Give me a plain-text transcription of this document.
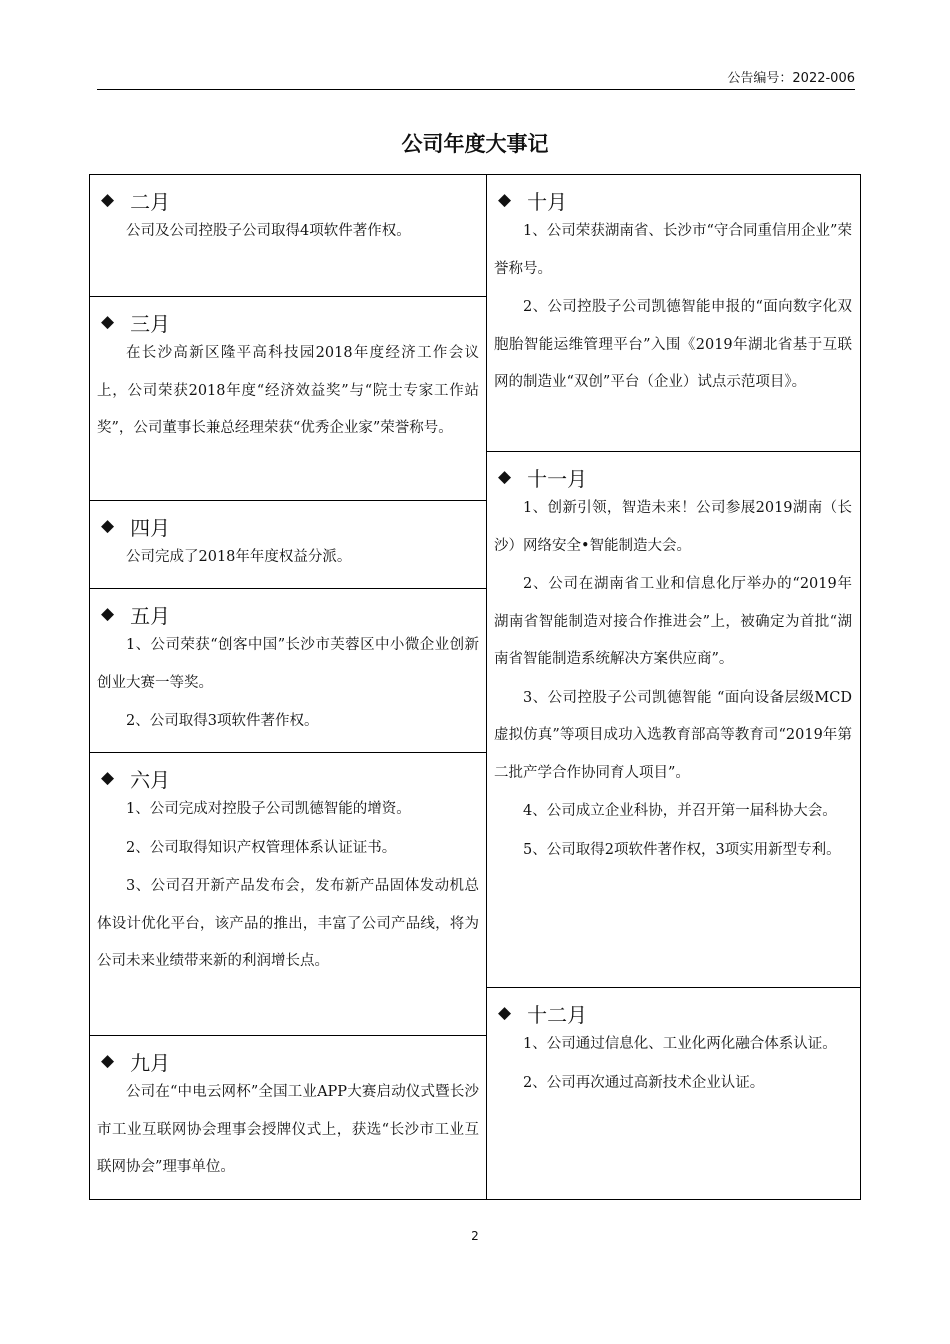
公告编号：2022-006
公司年度大事记
◆ 二月
公司及公司控股子公司取得4项软件著作权。
◆ 三月
在长沙高新区隆平高科技园2018年度经济工作会议上，公司荣获2018年度“经济效益奖”与“院士专家工作站奖”，公司董事长兼总经理荣获“优秀企业家”荣誉称号。
◆ 四月
公司完成了2018年年度权益分派。
◆ 五月
1、公司荣获“创客中国”长沙市芙蓉区中小微企业创新创业大赛一等奖。
2、公司取得3项软件著作权。
◆ 六月
1、公司完成对控股子公司凯德智能的增资。
2、公司取得知识产权管理体系认证证书。
3、公司召开新产品发布会，发布新产品固体发动机总体设计优化平台，该产品的推出，丰富了公司产品线，将为公司未来业绩带来新的利润增长点。
◆ 九月
公司在“中电云网杯”全国工业APP大赛启动仪式暨长沙市工业互联网协会理事会授牌仪式上，获选“长沙市工业互联网协会”理事单位。
◆ 十月
1、公司荣获湖南省、长沙市“守合同重信用企业”荣誉称号。
2、公司控股子公司凯德智能申报的“面向数字化双胞胎智能运维管理平台”入围《2019年湖北省基于互联网的制造业“双创”平台（企业）试点示范项目》。
◆ 十一月
1、创新引领，智造未来！公司参展2019湖南（长沙）网络安全•智能制造大会。
2、公司在湖南省工业和信息化厅举办的“2019年湖南省智能制造对接合作推进会”上，被确定为首批“湖南省智能制造系统解决方案供应商”。
3、公司控股子公司凯德智能 “面向设备层级MCD虚拟仿真”等项目成功入选教育部高等教育司“2019年第二批产学合作协同育人项目”。
4、公司成立企业科协，并召开第一届科协大会。
5、公司取得2项软件著作权，3项实用新型专利。
◆ 十二月
1、公司通过信息化、工业化两化融合体系认证。
2、公司再次通过高新技术企业认证。
2
